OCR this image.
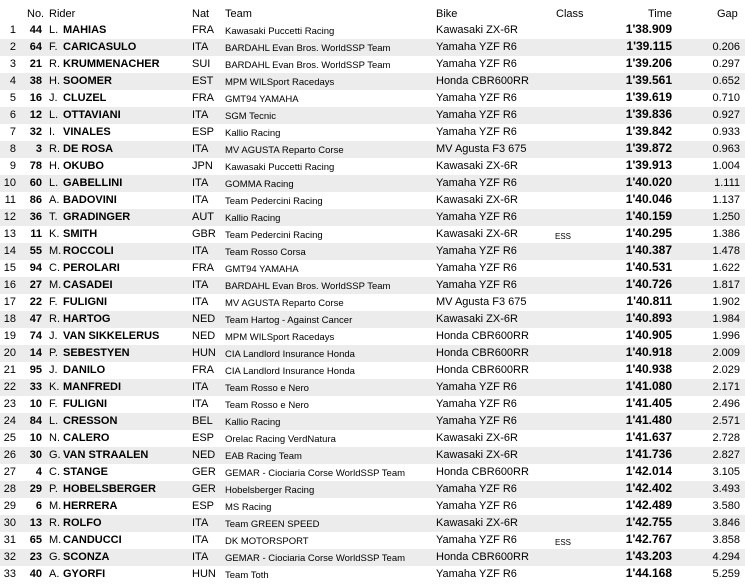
No. Rider	Nat Team	Bike	Class	Time	Gap
1	44 L. MAHIAS	FRA Kawasaki Puccetti Racing	Kawasaki ZX-6R	1'38.909
2	64 F. CARICASULO	ITA BARDAHL Evan Bros. WorldSSP Team	Yamaha YZF R6	1'39.115	0.206
3	21 R. KRUMMENACHER	SUI BARDAHL Evan Bros. WorldSSP Team	Yamaha YZF R6	1'39.206	0.297
4	38 H. SOOMER	EST MPM WILSport Racedays	Honda CBR600RR	1'39.561	0.652
5	16 J. CLUZEL	FRA GMT94 YAMAHA	Yamaha YZF R6	1'39.619	0.710
6	12 L. OTTAVIANI	ITA SGM Tecnic	Yamaha YZF R6	1'39.836	0.927
7	32 I. VINALES	ESP Kallio Racing	Yamaha YZF R6	1'39.842	0.933
8	3 R. DE ROSA	ITA MV AGUSTA Reparto Corse	MV Agusta F3 675	1'39.872	0.963
9	78 H. OKUBO	JPN Kawasaki Puccetti Racing	Kawasaki ZX-6R	1'39.913	1.004
10	60 L. GABELLINI	ITA GOMMA Racing	Yamaha YZF R6	1'40.020	1.111
11	86 A. BADOVINI	ITA Team Pedercini Racing	Kawasaki ZX-6R	1'40.046	1.137
12	36 T. GRADINGER	AUT Kallio Racing	Yamaha YZF R6	1'40.159	1.250
13	11 K. SMITH	GBR Team Pedercini Racing	Kawasaki ZX-6R	ESS	1'40.295	1.386
14	55 M. ROCCOLI	ITA Team Rosso Corsa	Yamaha YZF R6	1'40.387	1.478
15	94 C. PEROLARI	FRA GMT94 YAMAHA	Yamaha YZF R6	1'40.531	1.622
16	27 M. CASADEI	ITA BARDAHL Evan Bros. WorldSSP Team	Yamaha YZF R6	1'40.726	1.817
17	22 F. FULIGNI	ITA MV AGUSTA Reparto Corse	MV Agusta F3 675	1'40.811	1.902
18	47 R. HARTOG	NED Team Hartog - Against Cancer	Kawasaki ZX-6R	1'40.893	1.984
19	74 J. VAN SIKKELERUS	NED MPM WILSport Racedays	Honda CBR600RR	1'40.905	1.996
20	14 P. SEBESTYEN	HUN CIA Landlord Insurance Honda	Honda CBR600RR	1'40.918	2.009
21	95 J. DANILO	FRA CIA Landlord Insurance Honda	Honda CBR600RR	1'40.938	2.029
22	33 K. MANFREDI	ITA Team Rosso e Nero	Yamaha YZF R6	1'41.080	2.171
23	10 F. FULIGNI	ITA Team Rosso e Nero	Yamaha YZF R6	1'41.405	2.496
24	84 L. CRESSON	BEL Kallio Racing	Yamaha YZF R6	1'41.480	2.571
25	10 N. CALERO	ESP Orelac Racing VerdNatura	Kawasaki ZX-6R	1'41.637	2.728
26	30 G. VAN STRAALEN	NED EAB Racing Team	Kawasaki ZX-6R	1'41.736	2.827
27	4 C. STANGE	GER GEMAR - Ciociaria Corse WorldSSP Team	Honda CBR600RR	1'42.014	3.105
28	29 P. HOBELSBERGER	GER Hobelsberger Racing	Yamaha YZF R6	1'42.402	3.493
29	6 M. HERRERA	ESP MS Racing	Yamaha YZF R6	1'42.489	3.580
30	13 R. ROLFO	ITA Team GREEN SPEED	Kawasaki ZX-6R	1'42.755	3.846
31	65 M. CANDUCCI	ITA DK MOTORSPORT	Yamaha YZF R6	ESS	1'42.767	3.858
32	23 G. SCONZA	ITA GEMAR - Ciociaria Corse WorldSSP Team	Honda CBR600RR	1'43.203	4.294
33	40 A. GYORFI	HUN Team Toth	Yamaha YZF R6	1'44.168	5.259
